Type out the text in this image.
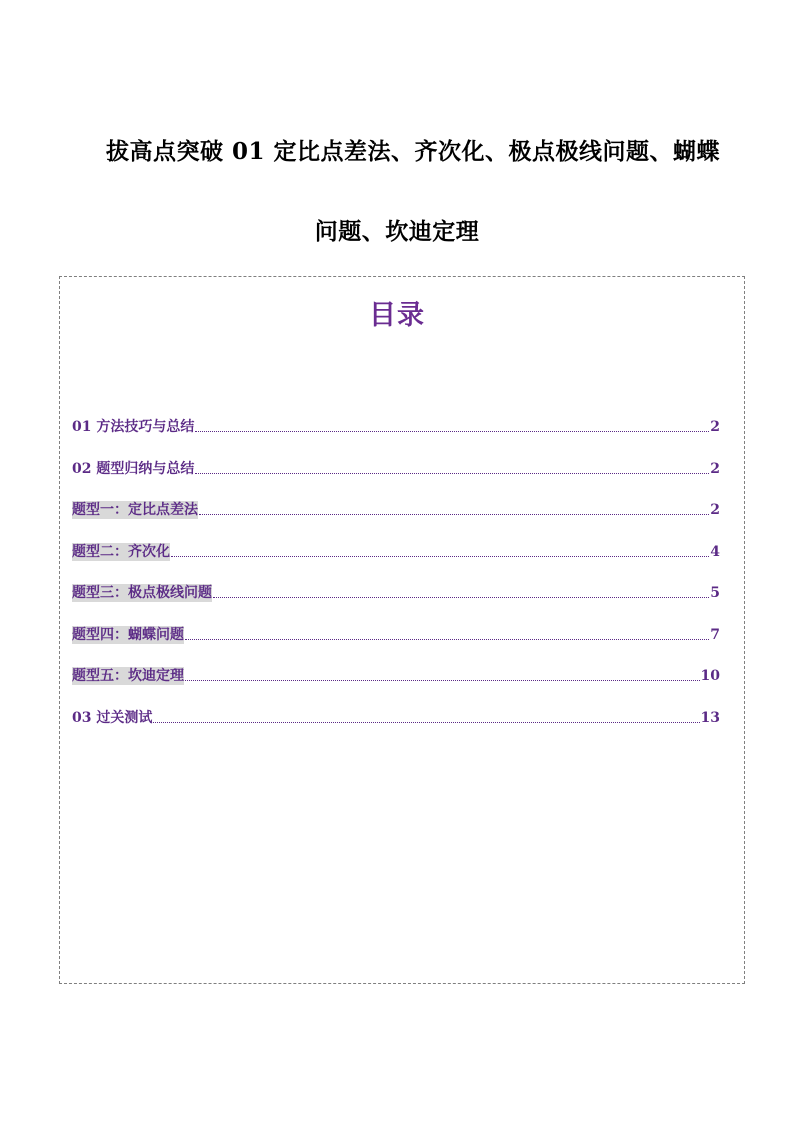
拔高点突破 01 定比点差法、齐次化、极点极线问题、蝴蝶
问题、坎迪定理
目录
01 方法技巧与总结	2
02 题型归纳与总结	2
题型一：定比点差法	2
题型二：齐次化	4
题型三：极点极线问题	5
题型四：蝴蝶问题	7
题型五：坎迪定理	10
03 过关测试	13
